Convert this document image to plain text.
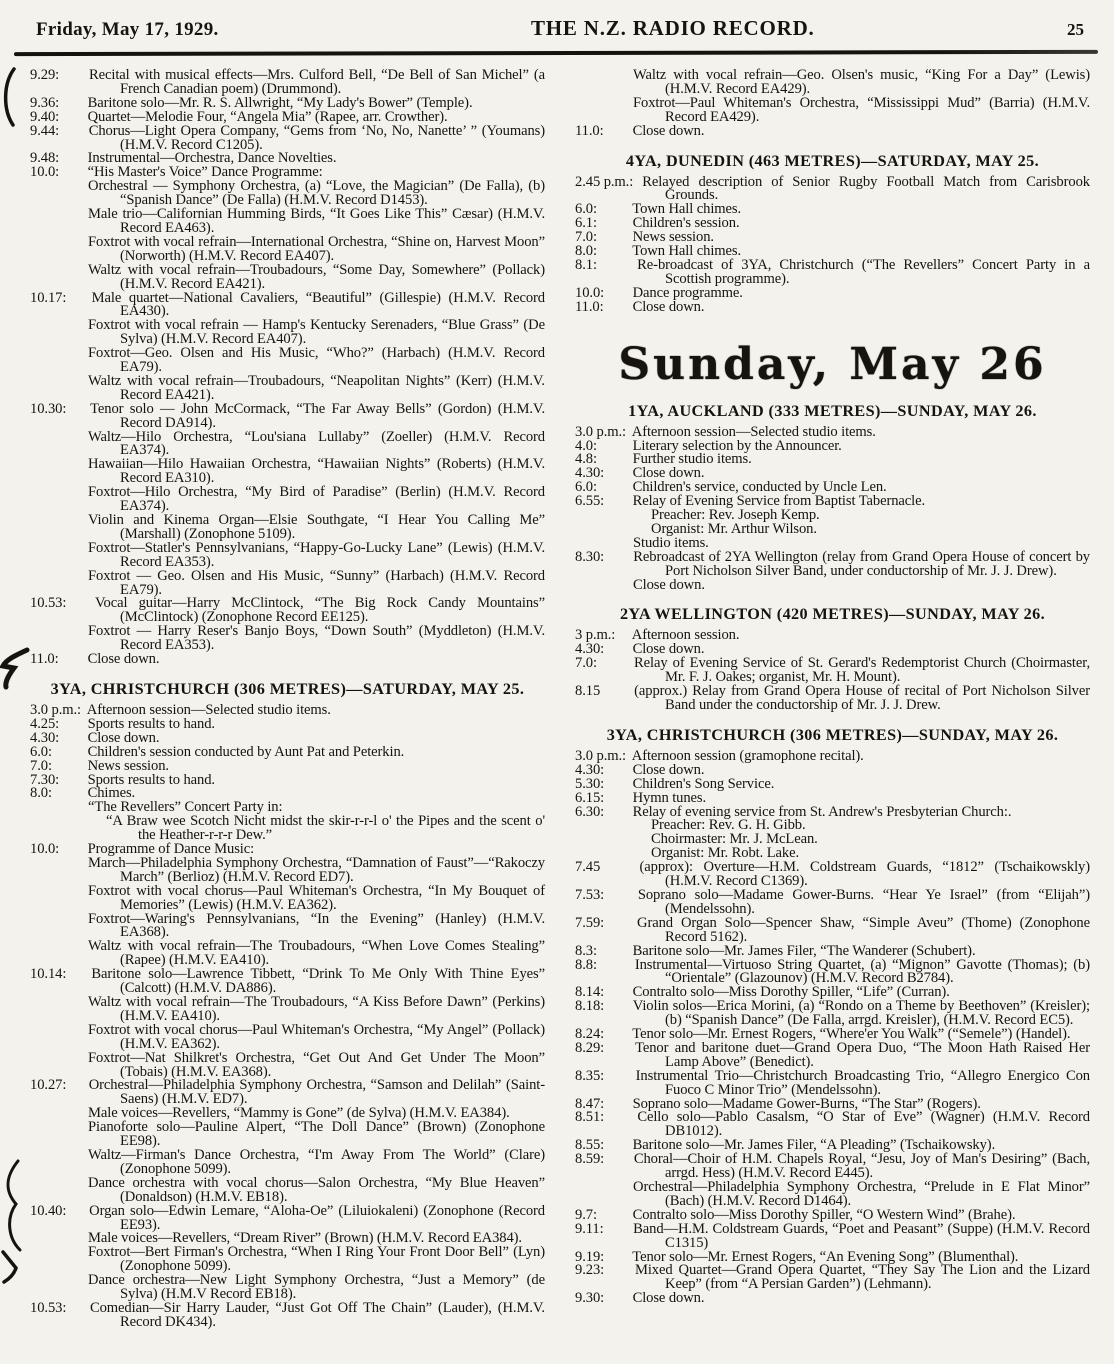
Friday, May 17, 1929.	THE N.Z. RADIO RECORD.	25
9.29: Recital with musical effects—Mrs. Culford Bell, “De Bell of San Michel” (a French Canadian poem) (Drummond).
9.36: Baritone solo—Mr. R. S. Allwright, “My Lady's Bower” (Temple).
9.40: Quartet—Melodie Four, “Angela Mia” (Rapee, arr. Crowther).
9.44: Chorus—Light Opera Company, “Gems from ‘No, No, Nanette’ ” (Youmans) (H.M.V. Record C1205).
9.48: Instrumental—Orchestra, Dance Novelties.
10.0: “His Master's Voice” Dance Programme:
Orchestral — Symphony Orchestra, (a) “Love, the Magician” (De Falla), (b) “Spanish Dance” (De Falla) (H.M.V. Record D1453).
Male trio—Californian Humming Birds, “It Goes Like This” Cæsar) (H.M.V. Record EA463).
Foxtrot with vocal refrain—International Orchestra, “Shine on, Harvest Moon” (Norworth) (H.M.V. Record EA407).
Waltz with vocal refrain—Troubadours, “Some Day, Somewhere” (Pollack) (H.M.V. Record EA421).
10.17: Male quartet—National Cavaliers, “Beautiful” (Gillespie) (H.M.V. Record EA430).
Foxtrot with vocal refrain — Hamp's Kentucky Serenaders, “Blue Grass” (De Sylva) (H.M.V. Record EA407).
Foxtrot—Geo. Olsen and His Music, “Who?” (Harbach) (H.M.V. Record EA79).
Waltz with vocal refrain—Troubadours, “Neapolitan Nights” (Kerr) (H.M.V. Record EA421).
10.30: Tenor solo — John McCormack, “The Far Away Bells” (Gordon) (H.M.V. Record DA914).
Waltz—Hilo Orchestra, “Lou'siana Lullaby” (Zoeller) (H.M.V. Record EA374).
Hawaiian—Hilo Hawaiian Orchestra, “Hawaiian Nights” (Roberts) (H.M.V. Record EA310).
Foxtrot—Hilo Orchestra, “My Bird of Paradise” (Berlin) (H.M.V. Record EA374).
Violin and Kinema Organ—Elsie Southgate, “I Hear You Calling Me” (Marshall) (Zonophone 5109).
Foxtrot—Statler's Pennsylvanians, “Happy-Go-Lucky Lane” (Lewis) (H.M.V. Record EA353).
Foxtrot — Geo. Olsen and His Music, “Sunny” (Harbach) (H.M.V. Record EA79).
10.53: Vocal guitar—Harry McClintock, “The Big Rock Candy Mountains” (McClintock) (Zonophone Record EE125).
Foxtrot — Harry Reser's Banjo Boys, “Down South” (Myddleton) (H.M.V. Record EA353).
11.0: Close down.
3YA, CHRISTCHURCH (306 METRES)—SATURDAY, MAY 25.
3.0 p.m.: Afternoon session—Selected studio items.
4.25: Sports results to hand.
4.30: Close down.
6.0: Children's session conducted by Aunt Pat and Peterkin.
7.0: News session.
7.30: Sports results to hand.
8.0: Chimes.
“The Revellers” Concert Party in:
“A Braw wee Scotch Nicht midst the skir-r-r-l o' the Pipes and the scent o' the Heather-r-r-r Dew.”
10.0: Programme of Dance Music:
March—Philadelphia Symphony Orchestra, “Damnation of Faust”—“Rakoczy March” (Berlioz) (H.M.V. Record ED7).
Foxtrot with vocal chorus—Paul Whiteman's Orchestra, “In My Bouquet of Memories” (Lewis) (H.M.V. EA362).
Foxtrot—Waring's Pennsylvanians, “In the Evening” (Hanley) (H.M.V. EA368).
Waltz with vocal refrain—The Troubadours, “When Love Comes Stealing” (Rapee) (H.M.V. EA410).
10.14: Baritone solo—Lawrence Tibbett, “Drink To Me Only With Thine Eyes” (Calcott) (H.M.V. DA886).
Waltz with vocal refrain—The Troubadours, “A Kiss Before Dawn” (Perkins) (H.M.V. EA410).
Foxtrot with vocal chorus—Paul Whiteman's Orchestra, “My Angel” (Pollack) (H.M.V. EA362).
Foxtrot—Nat Shilkret's Orchestra, “Get Out And Get Under The Moon” (Tobais) (H.M.V. EA368).
10.27: Orchestral—Philadelphia Symphony Orchestra, “Samson and Delilah” (Saint-Saens) (H.M.V. ED7).
Male voices—Revellers, “Mammy is Gone” (de Sylva) (H.M.V. EA384).
Pianoforte solo—Pauline Alpert, “The Doll Dance” (Brown) (Zonophone EE98).
Waltz—Firman's Dance Orchestra, “I'm Away From The World” (Clare) (Zonophone 5099).
Dance orchestra with vocal chorus—Salon Orchestra, “My Blue Heaven” (Donaldson) (H.M.V. EB18).
10.40: Organ solo—Edwin Lemare, “Aloha-Oe” (Liluiokaleni) (Zonophone (Record EE93).
Male voices—Revellers, “Dream River” (Brown) (H.M.V. Record EA384).
Foxtrot—Bert Firman's Orchestra, “When I Ring Your Front Door Bell” (Lyn) (Zonophone 5099).
Dance orchestra—New Light Symphony Orchestra, “Just a Memory” (de Sylva) (H.M.V Record EB18).
10.53: Comedian—Sir Harry Lauder, “Just Got Off The Chain” (Lauder), (H.M.V. Record DK434).
Waltz with vocal refrain—Geo. Olsen's music, “King For a Day” (Lewis) (H.M.V. Record EA429).
Foxtrot—Paul Whiteman's Orchestra, “Mississippi Mud” (Barria) (H.M.V. Record EA429).
11.0: Close down.
4YA, DUNEDIN (463 METRES)—SATURDAY, MAY 25.
2.45 p.m.: Relayed description of Senior Rugby Football Match from Carisbrook Grounds.
6.0: Town Hall chimes.
6.1: Children's session.
7.0: News session.
8.0: Town Hall chimes.
8.1:	Re-broadcast of 3YA, Christchurch (“The Revellers” Concert Party in a Scottish programme).
10.0: Dance programme.
11.0: Close down.
Sunday, May 26
1YA, AUCKLAND (333 METRES)—SUNDAY, MAY 26.
3.0 p.m.: Afternoon session—Selected studio items.
4.0: Literary selection by the Announcer.
4.8: Further studio items.
4.30: Close down.
6.0: Children's service, conducted by Uncle Len.
6.55: Relay of Evening Service from Baptist Tabernacle.
Preacher: Rev. Joseph Kemp.
Organist: Mr. Arthur Wilson.
Studio items.
8.30: Rebroadcast of 2YA Wellington (relay from Grand Opera House of concert by Port Nicholson Silver Band, under conductorship of Mr. J. J. Drew).
Close down.
2YA WELLINGTON (420 METRES)—SUNDAY, MAY 26.
3 p.m.: Afternoon session.
4.30: Close down.
7.0:	Relay of Evening Service of St. Gerard's Redemptorist Church (Choirmaster, Mr. F. J. Oakes; organist, Mr. H. Mount).
8.15 (approx.) Relay from Grand Opera House of recital of Port Nicholson Silver Band under the conductorship of Mr. J. J. Drew.
3YA, CHRISTCHURCH (306 METRES)—SUNDAY, MAY 26.
3.0 p.m.: Afternoon session (gramophone recital).
4.30: Close down.
5.30: Children's Song Service.
6.15: Hymn tunes.
6.30: Relay of evening service from St. Andrew's Presbyterian Church:.
Preacher: Rev. G. H. Gibb.
Choirmaster: Mr. J. McLean.
Organist: Mr. Robt. Lake.
7.45	(approx): Overture—H.M. Coldstream Guards, “1812” (Tschaikowskly) (H.M.V. Record C1369).
7.53: Soprano solo—Madame Gower-Burns. “Hear Ye Israel” (from “Elijah”) (Mendelssohn).
7.59: Grand Organ Solo—Spencer Shaw, “Simple Aveu” (Thome) (Zonophone Record 5162).
8.3: Baritone solo—Mr. James Filer, “The Wanderer (Schubert).
8.8:	Instrumental—Virtuoso String Quartet, (a) “Mignon” Gavotte (Thomas); (b) “Orientale” (Glazounov) (H.M.V. Record B2784).
8.14: Contralto solo—Miss Dorothy Spiller, “Life” (Curran).
8.18: Violin solos—Erica Morini, (a) “Rondo on a Theme by Beethoven” (Kreisler); (b) “Spanish Dance” (De Falla, arrgd. Kreisler), (H.M.V. Record EC5).
8.24: Tenor solo—Mr. Ernest Rogers, “Where'er You Walk” (“Semele”) (Handel).
8.29: Tenor and baritone duet—Grand Opera Duo, “The Moon Hath Raised Her Lamp Above” (Benedict).
8.35: Instrumental Trio—Christchurch Broadcasting Trio, “Allegro Energico Con Fuoco C Minor Trio” (Mendelssohn).
8.47: Soprano solo—Madame Gower-Burns, “The Star” (Rogers).
8.51: Cello solo—Pablo Casalsm, “O Star of Eve” (Wagner) (H.M.V. Record DB1012).
8.55: Baritone solo—Mr. James Filer, “A Pleading” (Tschaikowsky).
8.59: Choral—Choir of H.M. Chapels Royal, “Jesu, Joy of Man's Desiring” (Bach, arrgd. Hess) (H.M.V. Record E445).
Orchestral—Philadelphia Symphony Orchestra, “Prelude in E Flat Minor” (Bach) (H.M.V. Record D1464).
9.7: Contralto solo—Miss Dorothy Spiller, “O Western Wind” (Brahe).
9.11: Band—H.M. Coldstream Guards, “Poet and Peasant” (Suppe) (H.M.V. Record C1315)
9.19: Tenor solo—Mr. Ernest Rogers, “An Evening Song” (Blumenthal).
9.23: Mixed Quartet—Grand Opera Quartet, “They Say The Lion and the Lizard Keep” (from “A Persian Garden”) (Lehmann).
9.30: Close down.
